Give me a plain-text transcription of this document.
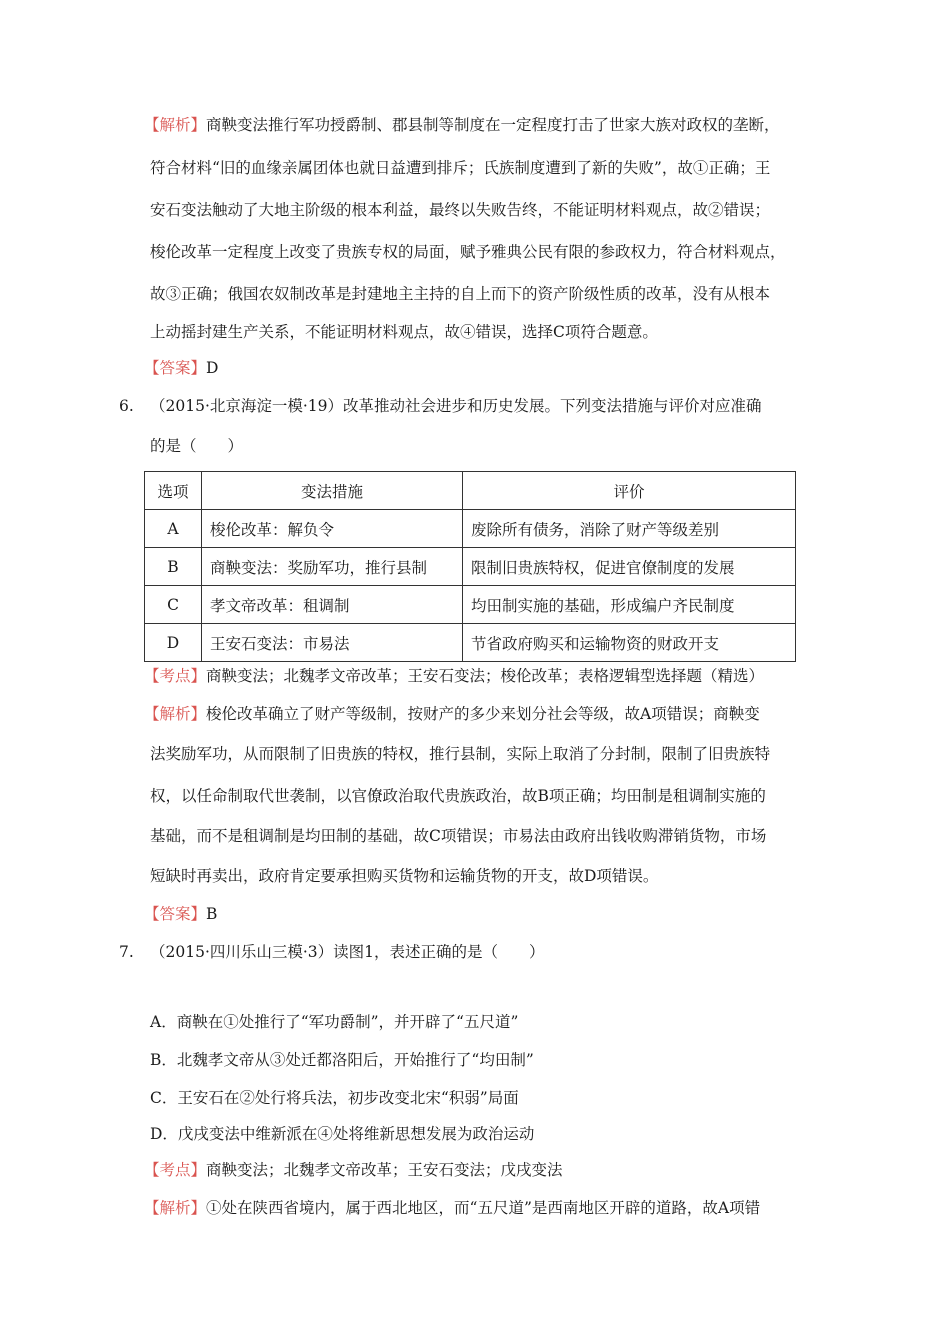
【解析】商鞅变法推行军功授爵制、郡县制等制度在一定程度打击了世家大族对政权的垄断，
符合材料“旧的血缘亲属团体也就日益遭到排斥；氏族制度遭到了新的失败”，故①正确；王
安石变法触动了大地主阶级的根本利益，最终以失败告终，不能证明材料观点，故②错误；
梭伦改革一定程度上改变了贵族专权的局面，赋予雅典公民有限的参政权力，符合材料观点，
故③正确；俄国农奴制改革是封建地主主持的自上而下的资产阶级性质的改革，没有从根本
上动摇封建生产关系，不能证明材料观点，故④错误，选择C项符合题意。
【答案】D
6. （2015·北京海淀一模·19）改革推动社会进步和历史发展。下列变法措施与评价对应准确
的是（　　）
选项	变法措施	评价
A	梭伦改革：解负令	废除所有债务，消除了财产等级差别
B	商鞅变法：奖励军功，推行县制	限制旧贵族特权，促进官僚制度的发展
C	孝文帝改革：租调制	均田制实施的基础，形成编户齐民制度
D	王安石变法：市易法	节省政府购买和运输物资的财政开支
【考点】商鞅变法；北魏孝文帝改革；王安石变法；梭伦改革；表格逻辑型选择题（精选）
【解析】梭伦改革确立了财产等级制，按财产的多少来划分社会等级，故A项错误；商鞅变
法奖励军功，从而限制了旧贵族的特权，推行县制，实际上取消了分封制，限制了旧贵族特
权，以任命制取代世袭制，以官僚政治取代贵族政治，故B项正确；均田制是租调制实施的
基础，而不是租调制是均田制的基础，故C项错误；市易法由政府出钱收购滞销货物，市场
短缺时再卖出，政府肯定要承担购买货物和运输货物的开支，故D项错误。
【答案】B
7. （2015·四川乐山三模·3）读图1，表述正确的是（　　）
A．商鞅在①处推行了“军功爵制”，并开辟了“五尺道”
B．北魏孝文帝从③处迁都洛阳后，开始推行了“均田制”
C．王安石在②处行将兵法，初步改变北宋“积弱”局面
D．戊戌变法中维新派在④处将维新思想发展为政治运动
【考点】商鞅变法；北魏孝文帝改革；王安石变法；戊戌变法
【解析】①处在陕西省境内，属于西北地区，而“五尺道”是西南地区开辟的道路，故A项错
